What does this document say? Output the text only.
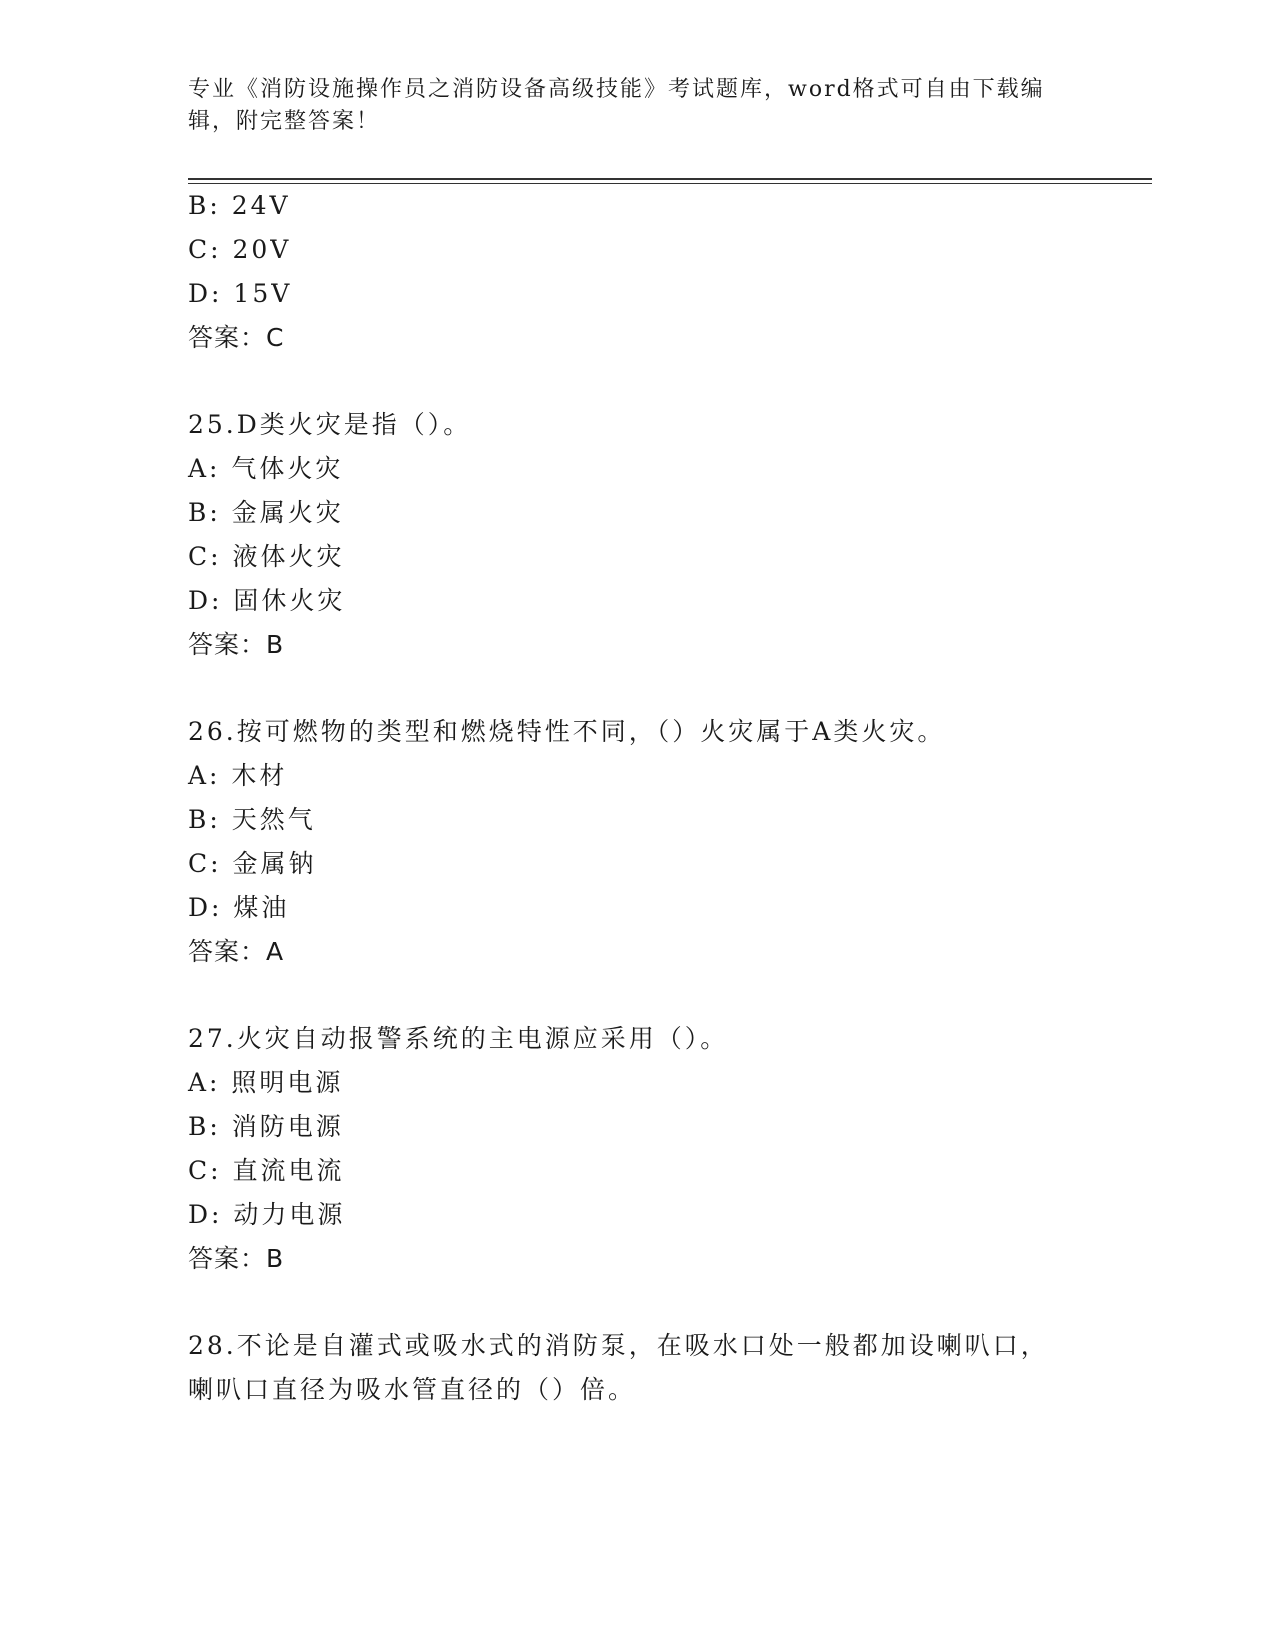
专业《消防设施操作员之消防设备高级技能》考试题库，word格式可自由下载编
辑，附完整答案！
B: 24V
C: 20V
D: 15V
答案：C
25.D类火灾是指（）。
A: 气体火灾
B: 金属火灾
C: 液体火灾
D: 固休火灾
答案：B
26.按可燃物的类型和燃烧特性不同，（）火灾属于A类火灾。
A: 木材
B: 天然气
C: 金属钠
D: 煤油
答案：A
27.火灾自动报警系统的主电源应采用（）。
A: 照明电源
B: 消防电源
C: 直流电流
D: 动力电源
答案：B
28.不论是自灌式或吸水式的消防泵，在吸水口处一般都加设喇叭口，
喇叭口直径为吸水管直径的（）倍。
